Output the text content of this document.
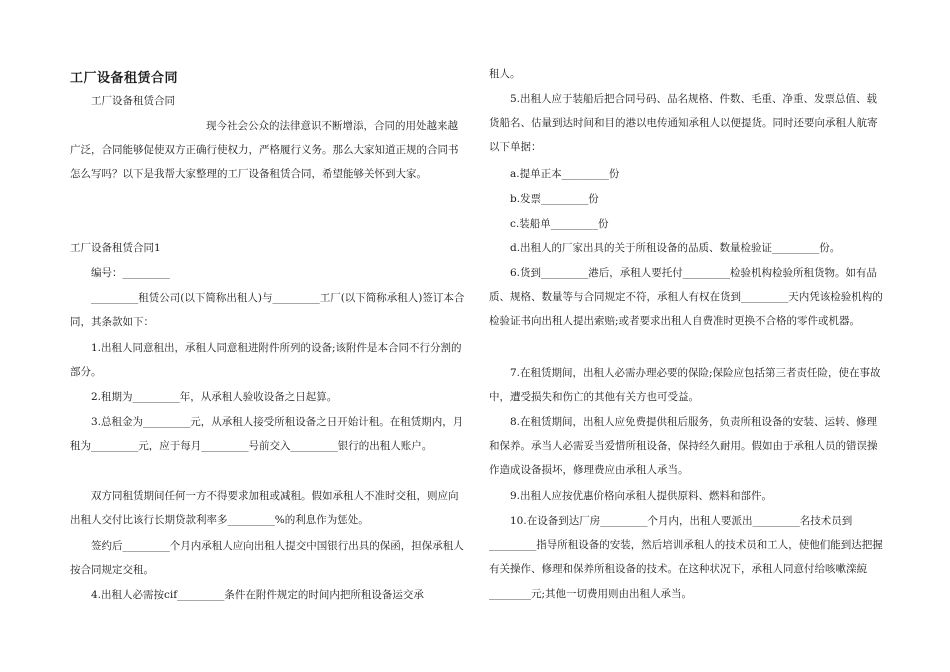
工厂设备租赁合同

工厂设备租赁合同

现今社会公众的法律意识不断增添，合同的用处越来越广泛，合同能够促使双方正确行使权力，严格履行义务。那么大家知道正规的合同书怎么写吗？以下是我帮大家整理的工厂设备租赁合同，希望能够关怀到大家。

工厂设备租赁合同1

编号：_________

_________租赁公司(以下简称出租人)与_________工厂(以下简称承租人)签订本合同，其条款如下：

1.出租人同意租出，承租人同意租进附件所列的设备;该附件是本合同不行分割的部分。

2.租期为_________年，从承租人验收设备之日起算。

3.总租金为_________元，从承租人接受所租设备之日开始计租。在租赁期内，月租为_________元，应于每月_________号前交入_________银行的出租人账户。

双方同租赁期间任何一方不得要求加租或减租。假如承租人不准时交租，则应向出租人交付比该行长期贷款利率多_________%的利息作为惩处。

签约后_________个月内承租人应向出租人提交中国银行出具的保函，担保承租人按合同规定交租。

4.出租人必需按cif_________条件在附件规定的时间内把所租设备运交承

租人。

5.出租人应于装船后把合同号码、品名规格、件数、毛重、净重、发票总值、载货船名、估量到达时间和目的港以电传通知承租人以便提货。同时还要向承租人航寄以下单据：

a.提单正本_________份

b.发票_________份

c.装船单_________份

d.出租人的厂家出具的关于所租设备的品质、数量检验证_________份。

6.货到_________港后，承租人要托付_________检验机构检验所租货物。如有品质、规格、数量等与合同规定不符，承租人有权在货到_________天内凭该检验机构的检验证书向出租人提出索赔;或者要求出租人自费准时更换不合格的零件或机器。

7.在租赁期间，出租人必需办理必要的保险;保险应包括第三者责任险，使在事故中，遭受损失和伤亡的其他有关方也可受益。

8.在租赁期间，出租人应免费提供租后服务，负责所租设备的安装、运转、修理和保养。承当人必需妥当爱惜所租设备，保持经久耐用。假如由于承租人员的错误操作造成设备损坏，修理费应由承租人承当。

9.出租人应按优惠价格向承租人提供原料、燃料和部件。

10.在设备到达厂房_________个月内，出租人要派出_________名技术员到_________指导所租设备的安装，然后培训承租人的技术员和工人，使他们能到达把握有关操作、修理和保养所租设备的技术。在这种状况下，承租人同意付给咳嗽滦綂________元;其他一切费用则由出租人承当。
